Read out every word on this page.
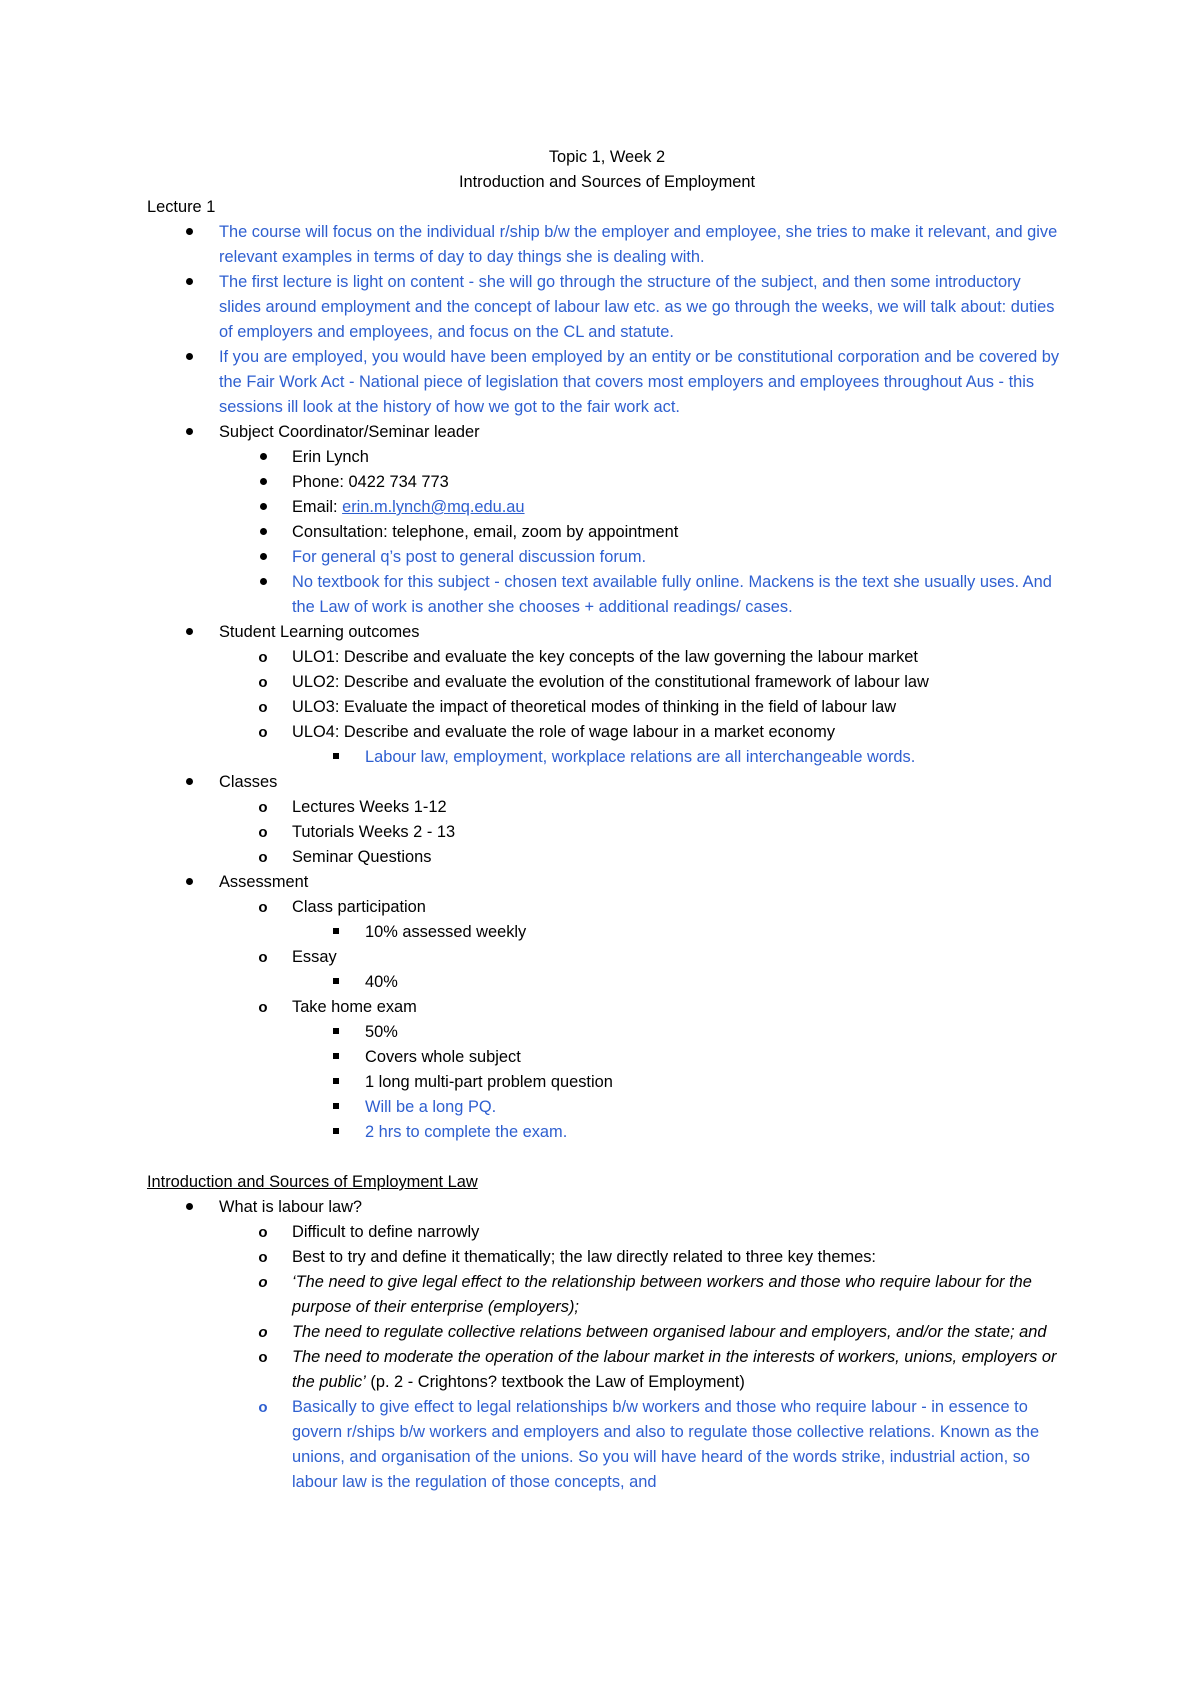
Topic 1, Week 2

Introduction and Sources of Employment

Lecture 1

The course will focus on the individual r/ship b/w the employer and employee, she tries to make it relevant, and give relevant examples in terms of day to day things she is dealing with.
The first lecture is light on content - she will go through the structure of the subject, and then some introductory slides around employment and the concept of labour law etc. as we go through the weeks, we will talk about: duties of employers and employees, and focus on the CL and statute.
If you are employed, you would have been employed by an entity or be constitutional corporation and be covered by the Fair Work Act - National piece of legislation that covers most employers and employees throughout Aus - this sessions ill look at the history of how we got to the fair work act.
Subject Coordinator/Seminar leader
Erin Lynch
Phone: 0422 734 773
Email: erin.m.lynch@mq.edu.au
Consultation: telephone, email, zoom by appointment
For general q’s post to general discussion forum.
No textbook for this subject - chosen text available fully online. Mackens is the text she usually uses. And the Law of work is another she chooses + additional readings/ cases.
Student Learning outcomes
o ULO1: Describe and evaluate the key concepts of the law governing the labour market
o ULO2: Describe and evaluate the evolution of the constitutional framework of labour law
o ULO3: Evaluate the impact of theoretical modes of thinking in the field of labour law
o ULO4: Describe and evaluate the role of wage labour in a market economy
Labour law, employment, workplace relations are all interchangeable words.
Classes
o Lectures Weeks 1-12
o Tutorials Weeks 2 - 13
o Seminar Questions
Assessment
o Class participation
10% assessed weekly
o Essay
40%
o Take home exam
50%
Covers whole subject
1 long multi-part problem question
Will be a long PQ.
2 hrs to complete the exam.

Introduction and Sources of Employment Law

What is labour law?
o Difficult to define narrowly
o Best to try and define it thematically; the law directly related to three key themes:
o ‘The need to give legal effect to the relationship between workers and those who require labour for the purpose of their enterprise (employers);
o The need to regulate collective relations between organised labour and employers, and/or the state; and
o The need to moderate the operation of the labour market in the interests of workers, unions, employers or the public’ (p. 2 - Crightons? textbook the Law of Employment)
o Basically to give effect to legal relationships b/w workers and those who require labour - in essence to govern r/ships b/w workers and employers and also to regulate those collective relations. Known as the unions, and organisation of the unions. So you will have heard of the words strike, industrial action, so labour law is the regulation of those concepts, and
